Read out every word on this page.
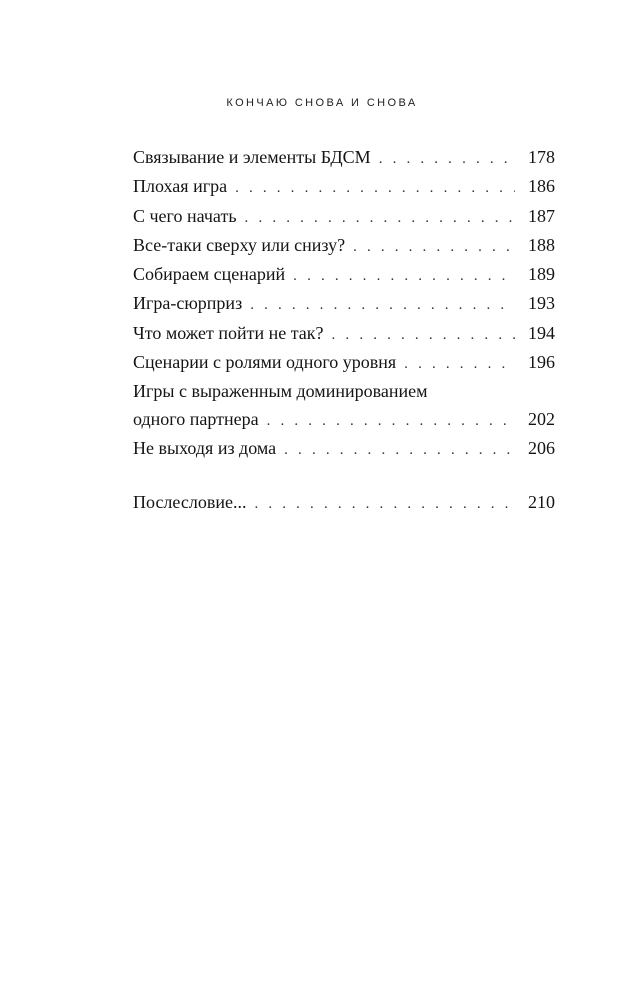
КОНЧАЮ СНОВА И СНОВА
Связывание и элементы БДСМ . . .	178
Плохая игра . . .	186
С чего начать . . .	187
Все-таки сверху или снизу? . . .	188
Собираем сценарий . . .	189
Игра-сюрприз . . .	193
Что может пойти не так? . . .	194
Сценарии с ролями одного уровня . . .	196
Игры с выраженным доминированием
одного партнера . . .	202
Не выходя из дома . . .	206
Послесловие... . . .	210
